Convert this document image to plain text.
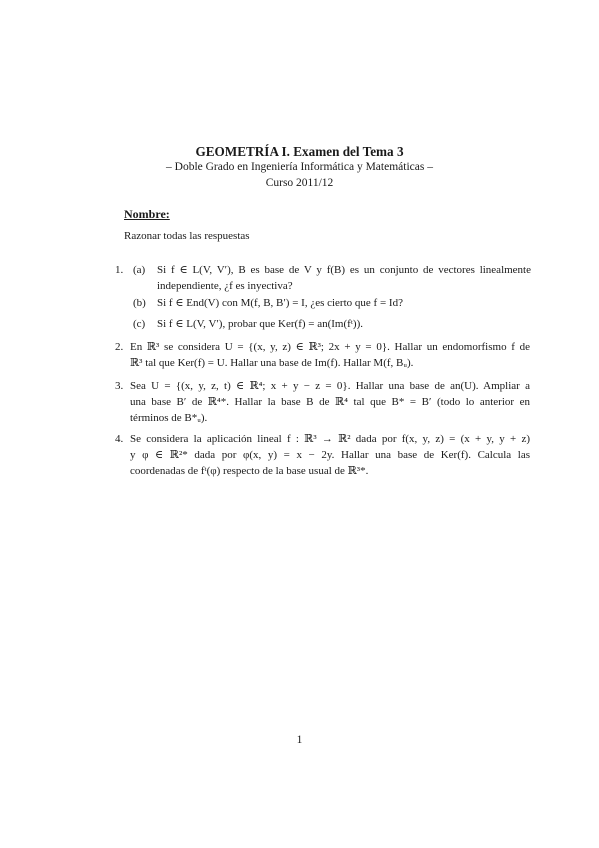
GEOMETRÍA I. Examen del Tema 3
– Doble Grado en Ingeniería Informática y Matemáticas –
Curso 2011/12
Nombre:
Razonar todas las respuestas
1. (a) Si f ∈ L(V, V′), B es base de V y f(B) es un conjunto de vectores linealmente
independiente, ¿f es inyectiva?
(b) Si f ∈ End(V) con M(f, B, B′) = I, ¿es cierto que f = Id?
(c) Si f ∈ L(V, V′), probar que Ker(f) = an(Im(fᵗ)).
2. En ℝ³ se considera U = {(x, y, z) ∈ ℝ³; 2x + y = 0}. Hallar un endomorfismo f de
ℝ³ tal que Ker(f) = U. Hallar una base de Im(f). Hallar M(f, Bᵤ).
3. Sea U = {(x, y, z, t) ∈ ℝ⁴; x + y − z = 0}. Hallar una base de an(U). Ampliar a
una base B′ de ℝ⁴*. Hallar la base B de ℝ⁴ tal que B* = B′ (todo lo anterior en
términos de B*ᵤ).
4. Se considera la aplicación lineal f : ℝ³ → ℝ² dada por f(x, y, z) = (x + y, y + z)
y φ ∈ ℝ²* dada por φ(x, y) = x − 2y. Hallar una base de Ker(f). Calcula las
coordenadas de fᵗ(φ) respecto de la base usual de ℝ³*.
1
